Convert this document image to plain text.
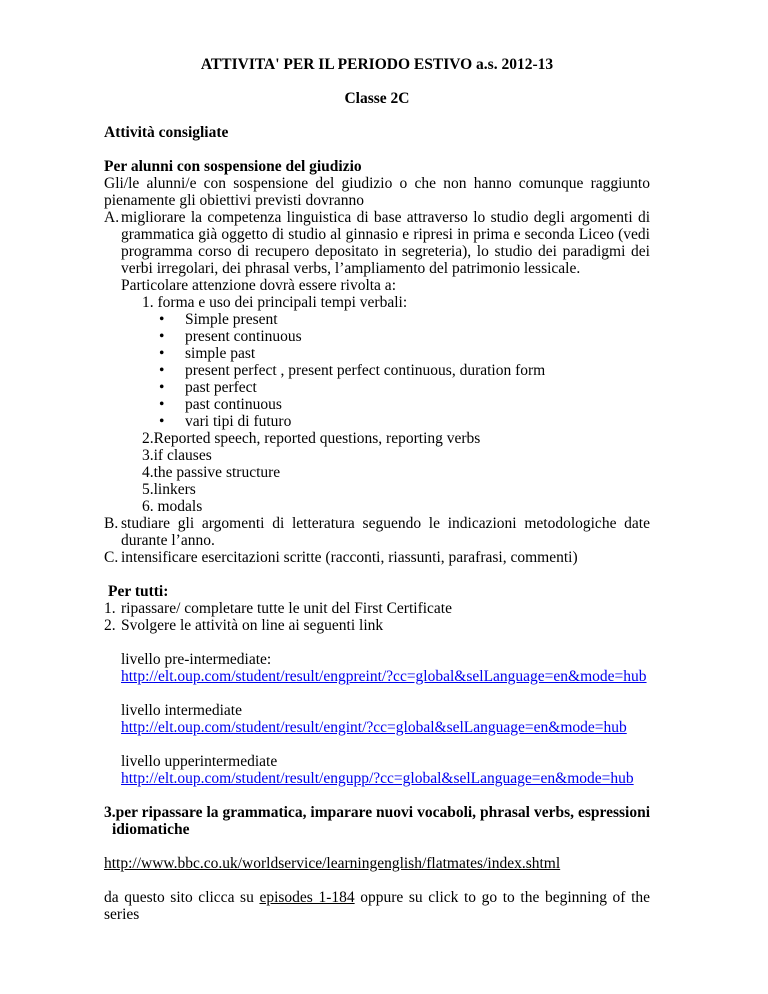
ATTIVITA' PER IL PERIODO ESTIVO a.s. 2012-13

Classe 2C

Attività consigliate

Per alunni con sospensione del giudizio

Gli/le alunni/e con sospensione del giudizio o che non hanno comunque raggiunto pienamente gli obiettivi previsti dovranno

A. migliorare la competenza linguistica di base attraverso lo studio degli argomenti di grammatica già oggetto di studio al ginnasio e ripresi in prima e seconda Liceo (vedi programma corso di recupero depositato in segreteria), lo studio dei paradigmi dei verbi irregolari, dei phrasal verbs, l’ampliamento del patrimonio lessicale.

Particolare attenzione dovrà essere rivolta a:

1. forma e uso dei principali tempi verbali:

•	Simple present
•	present continuous
•	simple past
•	present perfect , present perfect continuous, duration form
•	past perfect
•	past continuous
•	vari tipi di futuro

2.Reported speech, reported questions, reporting verbs

3.if clauses

4.the passive structure

5.linkers

6. modals

B. studiare gli argomenti di letteratura seguendo le indicazioni metodologiche date durante l’anno.
C. intensificare esercitazioni scritte (racconti, riassunti, parafrasi, commenti)

Per tutti:

1. ripassare/ completare tutte le unit del First Certificate
2. Svolgere le attività on line ai seguenti link

livello pre-intermediate:

http://elt.oup.com/student/result/engpreint/?cc=global&selLanguage=en&mode=hub

livello intermediate

http://elt.oup.com/student/result/engint/?cc=global&selLanguage=en&mode=hub

livello upperintermediate

http://elt.oup.com/student/result/engupp/?cc=global&selLanguage=en&mode=hub
3.per ripassare la grammatica, imparare nuovi vocaboli, phrasal verbs, espressioni idiomatiche
http://www.bbc.co.uk/worldservice/learningenglish/flatmates/index.shtml

da questo sito clicca su episodes 1-184 oppure su click to go to the beginning of the series
